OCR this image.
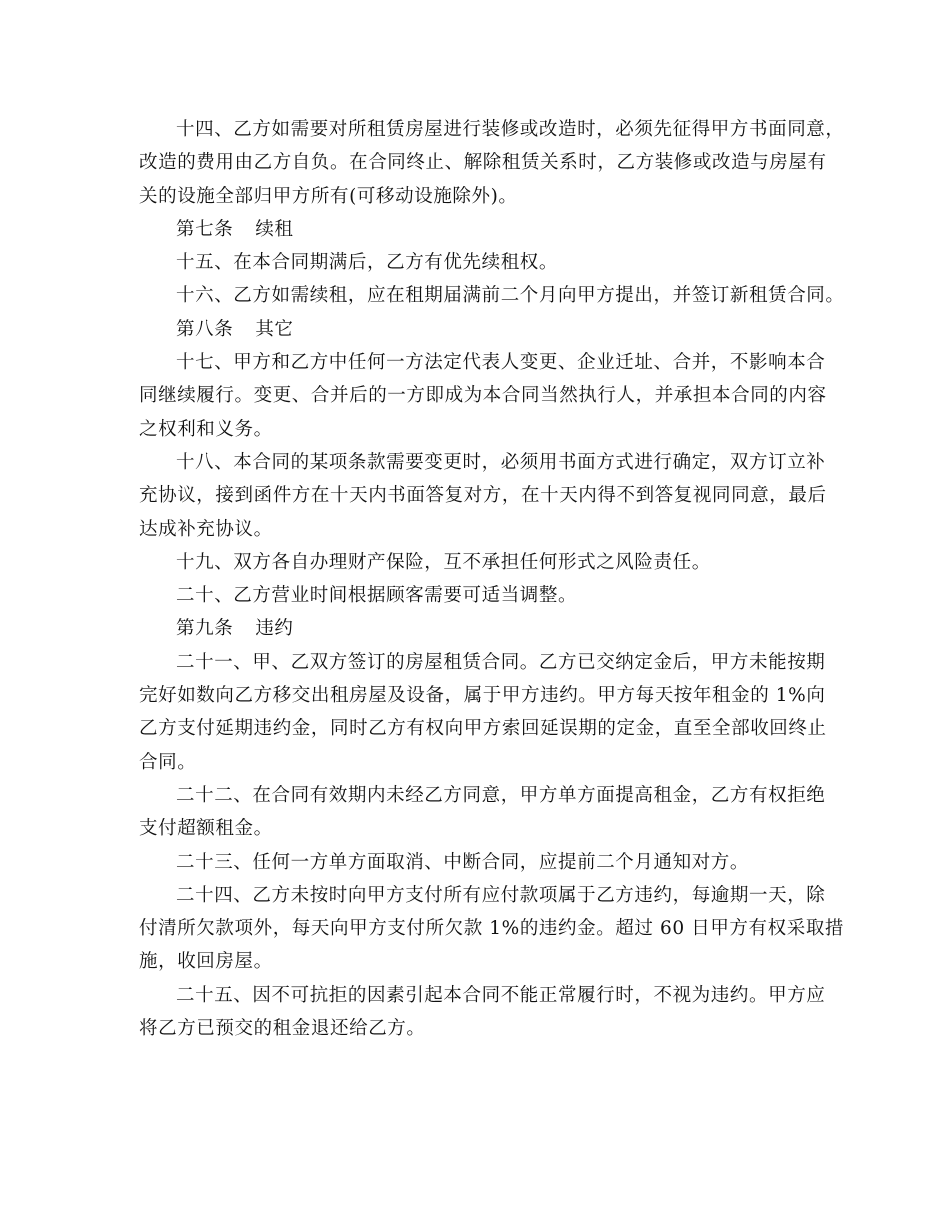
十四、乙方如需要对所租赁房屋进行装修或改造时，必须先征得甲方书面同意，
改造的费用由乙方自负。在合同终止、解除租赁关系时，乙方装修或改造与房屋有
关的设施全部归甲方所有(可移动设施除外)。
第七条 续租
十五、在本合同期满后，乙方有优先续租权。
十六、乙方如需续租，应在租期届满前二个月向甲方提出，并签订新租赁合同。
第八条 其它
十七、甲方和乙方中任何一方法定代表人变更、企业迁址、合并，不影响本合
同继续履行。变更、合并后的一方即成为本合同当然执行人，并承担本合同的内容
之权利和义务。
十八、本合同的某项条款需要变更时，必须用书面方式进行确定，双方订立补
充协议，接到函件方在十天内书面答复对方，在十天内得不到答复视同同意，最后
达成补充协议。
十九、双方各自办理财产保险，互不承担任何形式之风险责任。
二十、乙方营业时间根据顾客需要可适当调整。
第九条 违约
二十一、甲、乙双方签订的房屋租赁合同。乙方已交纳定金后，甲方未能按期
完好如数向乙方移交出租房屋及设备，属于甲方违约。甲方每天按年租金的 1%向
乙方支付延期违约金，同时乙方有权向甲方索回延误期的定金，直至全部收回终止
合同。
二十二、在合同有效期内未经乙方同意，甲方单方面提高租金，乙方有权拒绝
支付超额租金。
二十三、任何一方单方面取消、中断合同，应提前二个月通知对方。
二十四、乙方未按时向甲方支付所有应付款项属于乙方违约，每逾期一天，除
付清所欠款项外，每天向甲方支付所欠款 1%的违约金。超过 60 日甲方有权采取措
施，收回房屋。
二十五、因不可抗拒的因素引起本合同不能正常履行时，不视为违约。甲方应
将乙方已预交的租金退还给乙方。
